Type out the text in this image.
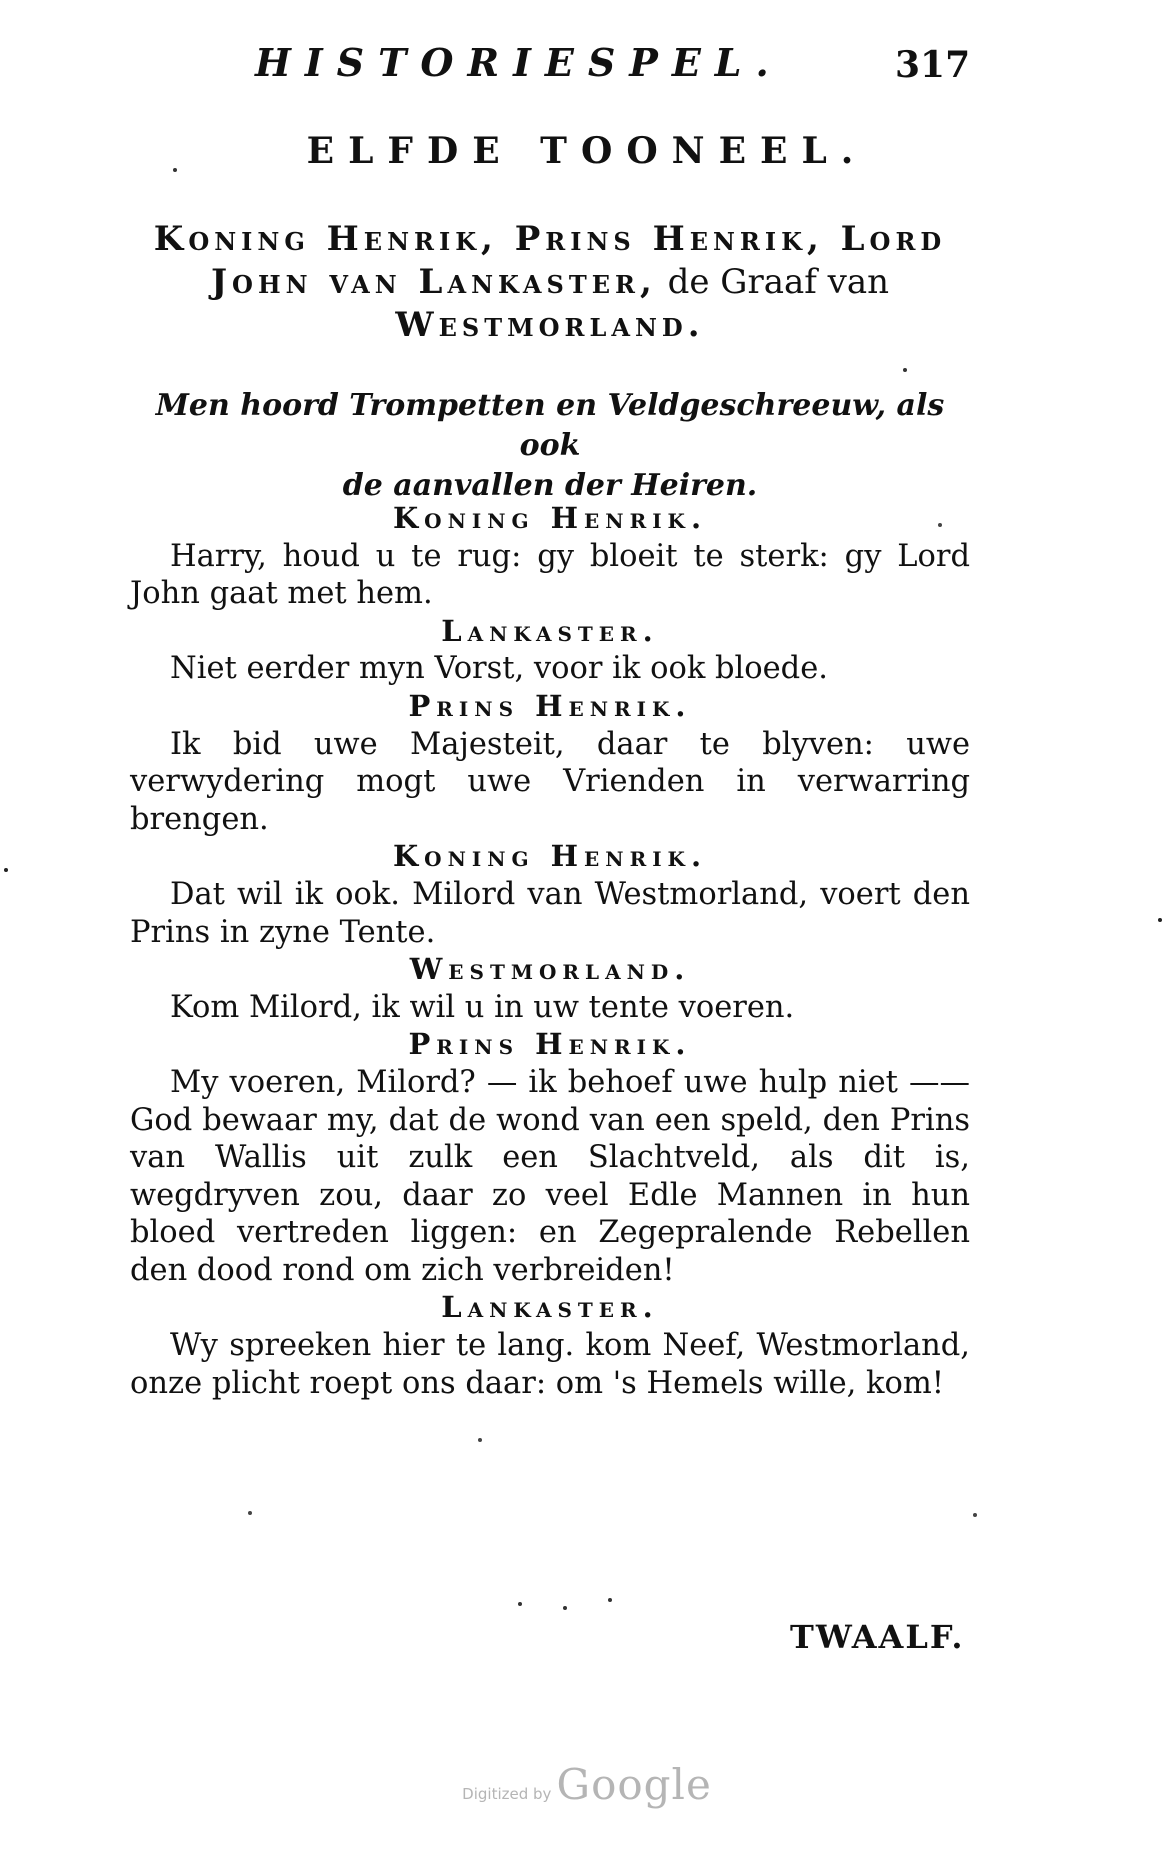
HISTORIESPEL.	317
ELFDE TOONEEL.
Koning Henrik, Prins Henrik, Lord
John van Lankaster, de Graaf van
Westmorland.
Men hoord Trompetten en Veldgeschreeuw, als ook
de aanvallen der Heiren.

Koning Henrik.

Harry, houd u te rug: gy bloeit te sterk: gy Lord John gaat met hem.

Lankaster.

Niet eerder myn Vorst, voor ik ook bloede.

Prins Henrik.

Ik bid uwe Majesteit, daar te blyven: uwe verwydering mogt uwe Vrienden in verwarring brengen.

Koning Henrik.

Dat wil ik ook. Milord van Westmorland, voert den Prins in zyne Tente.

Westmorland.

Kom Milord, ik wil u in uw tente voeren.

Prins Henrik.

My voeren, Milord? — ik behoef uwe hulp niet —— God bewaar my, dat de wond van een speld, den Prins van Wallis uit zulk een Slachtveld, als dit is, wegdryven zou, daar zo veel Edle Mannen in hun bloed vertreden liggen: en Zegepralende Rebellen den dood rond om zich verbreiden!

Lankaster.

Wy spreeken hier te lang. kom Neef, Westmorland, onze plicht roept ons daar: om 's Hemels wille, kom!

TWAALF.
Digitized by Google
